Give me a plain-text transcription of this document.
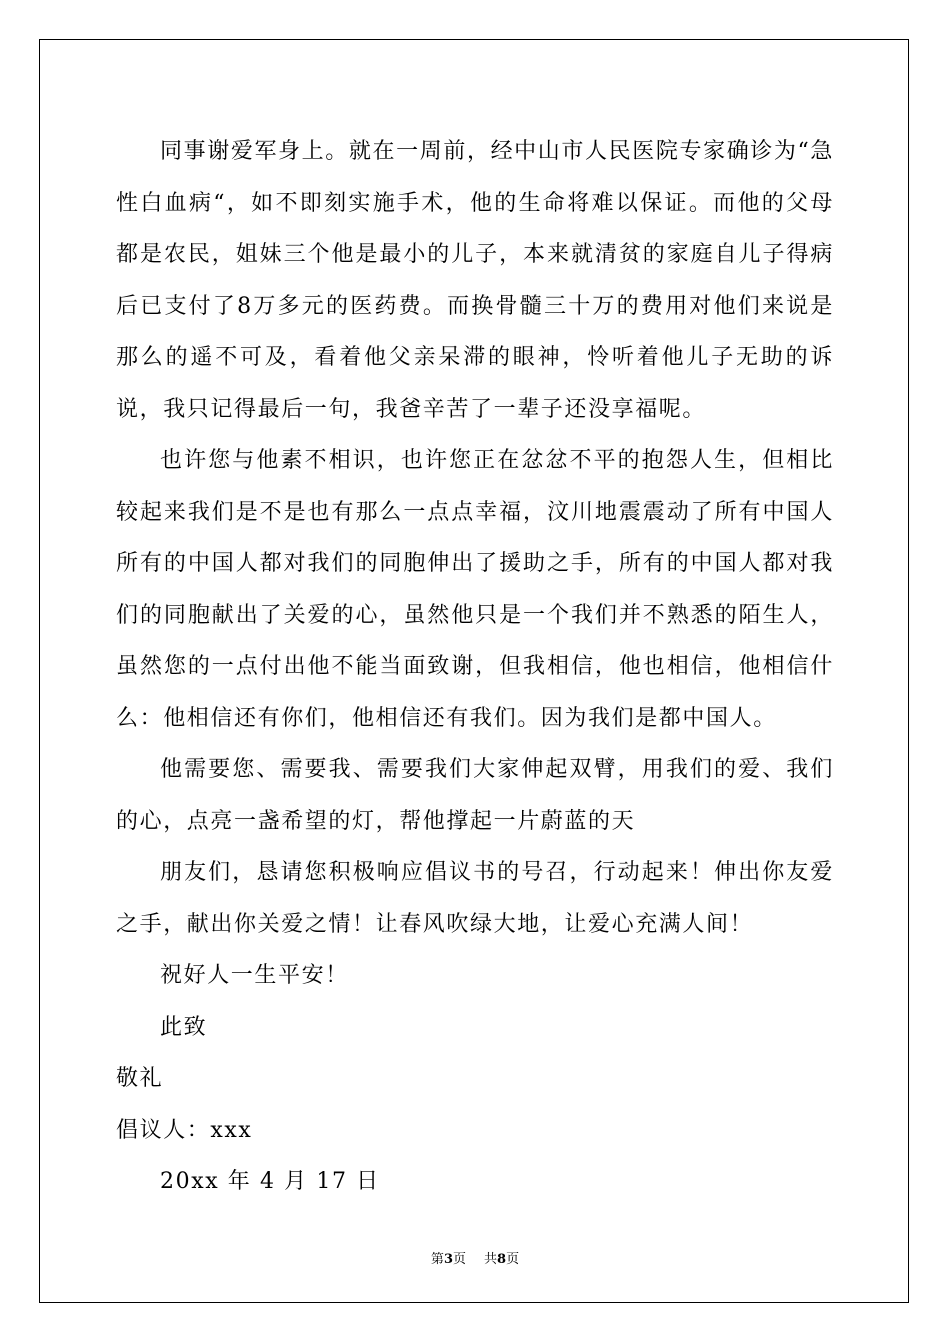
同事谢爱军身上。就在一周前，经中山市人民医院专家确诊为“急性白血病“，如不即刻实施手术，他的生命将难以保证。而他的父母都是农民，姐妹三个他是最小的儿子，本来就清贫的家庭自儿子得病后已支付了8万多元的医药费。而换骨髓三十万的费用对他们来说是那么的遥不可及，看着他父亲呆滞的眼神，怜听着他儿子无助的诉说，我只记得最后一句，我爸辛苦了一辈子还没享福呢。

也许您与他素不相识，也许您正在忿忿不平的抱怨人生，但相比较起来我们是不是也有那么一点点幸福，汶川地震震动了所有中国人所有的中国人都对我们的同胞伸出了援助之手，所有的中国人都对我们的同胞献出了关爱的心，虽然他只是一个我们并不熟悉的陌生人，虽然您的一点付出他不能当面致谢，但我相信，他也相信，他相信什么：他相信还有你们，他相信还有我们。因为我们是都中国人。

他需要您、需要我、需要我们大家伸起双臂，用我们的爱、我们的心，点亮一盏希望的灯，帮他撑起一片蔚蓝的天

朋友们，恳请您积极响应倡议书的号召，行动起来！伸出你友爱之手，献出你关爱之情！让春风吹绿大地，让爱心充满人间！

祝好人一生平安！

此致

敬礼

倡议人：xxx

20xx 年 4 月 17 日

第3页 共8页
